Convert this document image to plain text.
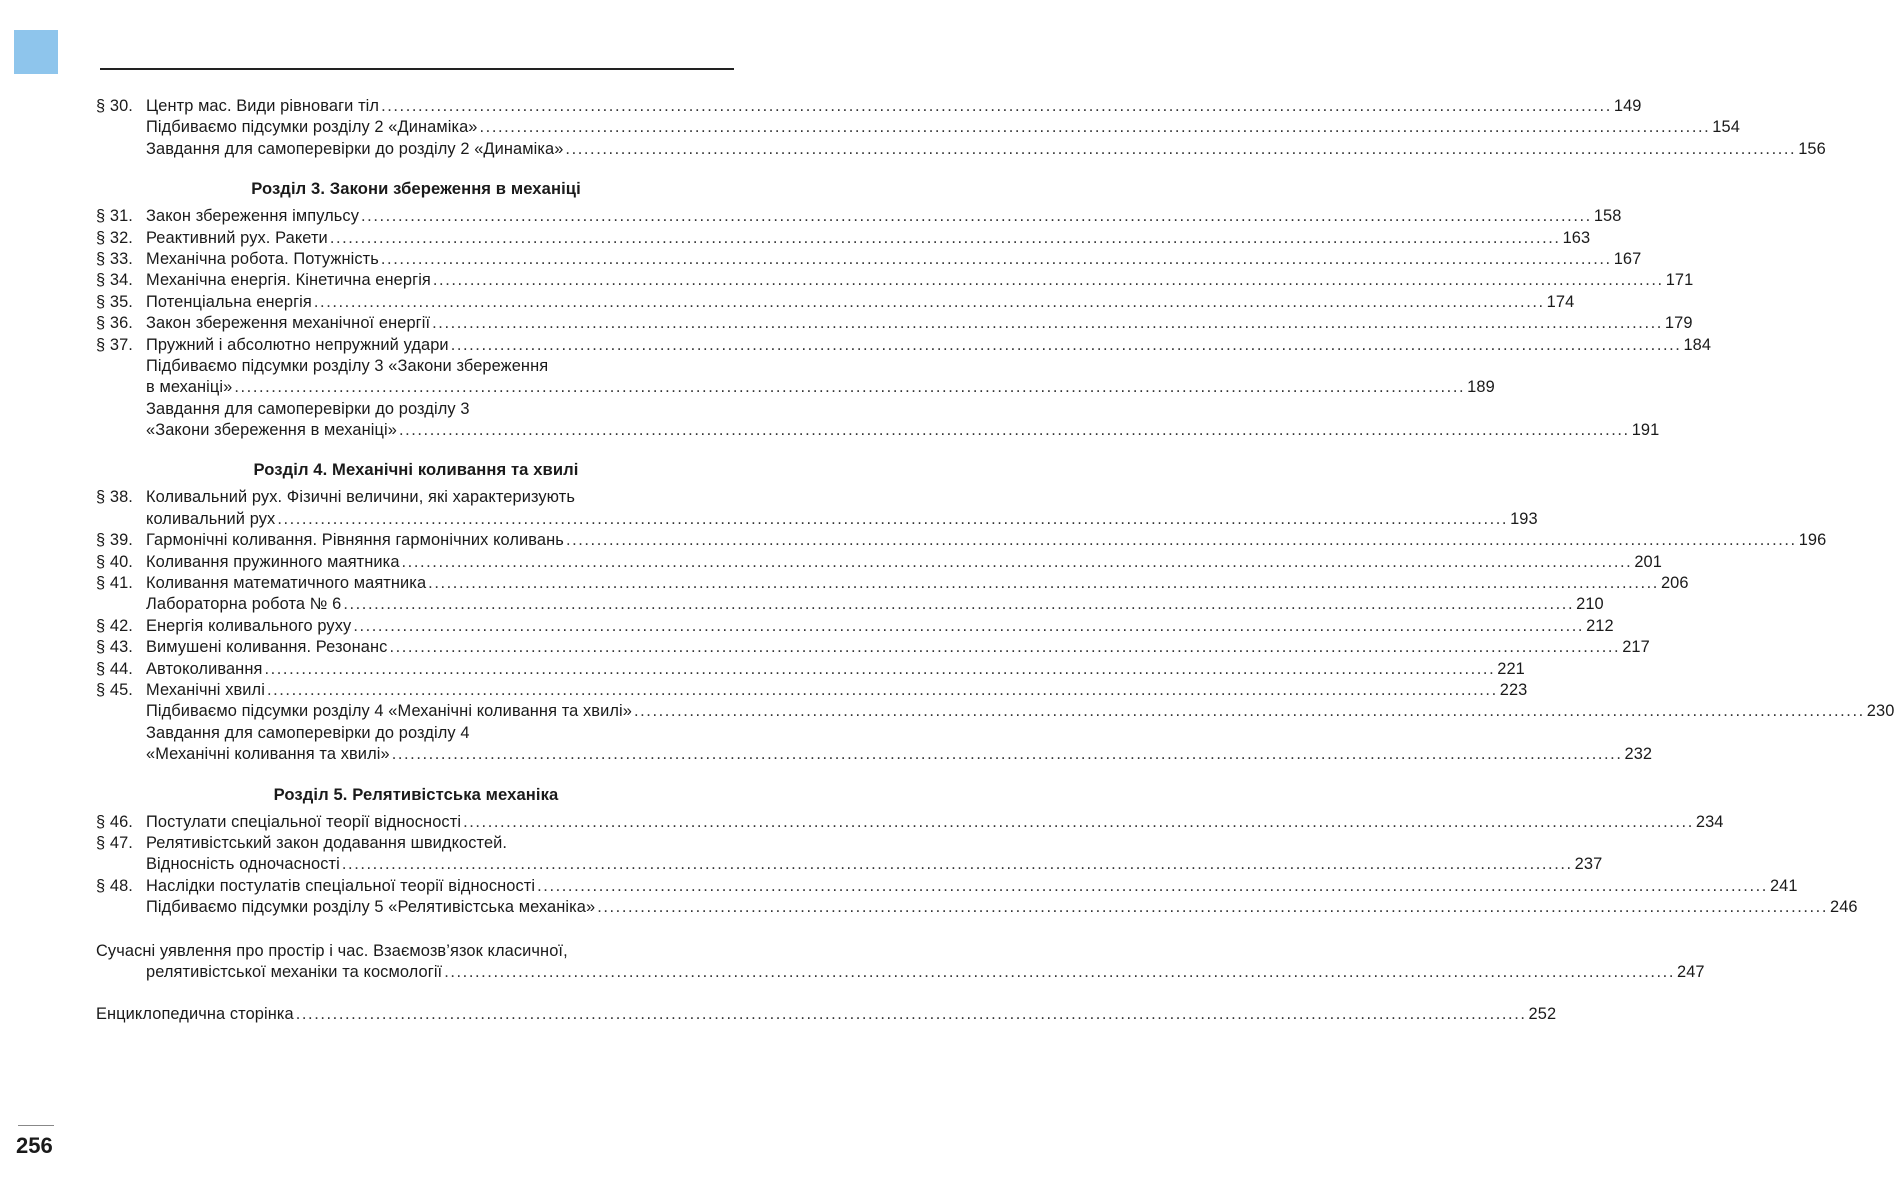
§ 30. Центр мас. Види рівноваги тіл ........................................................................................................................................................................................................ 149
Підбиваємо підсумки розділу 2 «Динаміка» ........................................................................................................................................................................................................ 154
Завдання для самоперевірки до розділу 2 «Динаміка» ........................................................................................................................................................................................................ 156
Розділ 3. Закони збереження в механіці
§ 31. Закон збереження імпульсу ........................................................................................................................................................................................................ 158
§ 32. Реактивний рух. Ракети ........................................................................................................................................................................................................ 163
§ 33. Механічна робота. Потужність ........................................................................................................................................................................................................ 167
§ 34. Механічна енергія. Кінетична енергія ........................................................................................................................................................................................................ 171
§ 35. Потенціальна енергія ........................................................................................................................................................................................................ 174
§ 36. Закон збереження механічної енергії ........................................................................................................................................................................................................ 179
§ 37. Пружний і абсолютно непружний удари ........................................................................................................................................................................................................ 184
Підбиваємо підсумки розділу 3 «Закони збереження
в механіці» ........................................................................................................................................................................................................ 189
Завдання для самоперевірки до розділу 3
«Закони збереження в механіці» ........................................................................................................................................................................................................ 191
Розділ 4. Механічні коливання та хвилі
§ 38. Коливальний рух. Фізичні величини, які характеризують
коливальний рух ........................................................................................................................................................................................................ 193
§ 39. Гармонічні коливання. Рівняння гармонічних коливань ........................................................................................................................................................................................................ 196
§ 40. Коливання пружинного маятника ........................................................................................................................................................................................................ 201
§ 41. Коливання математичного маятника ........................................................................................................................................................................................................ 206
Лабораторна робота № 6 ........................................................................................................................................................................................................ 210
§ 42. Енергія коливального руху ........................................................................................................................................................................................................ 212
§ 43. Вимушені коливання. Резонанс ........................................................................................................................................................................................................ 217
§ 44. Автоколивання ........................................................................................................................................................................................................ 221
§ 45. Механічні хвилі ........................................................................................................................................................................................................ 223
Підбиваємо підсумки розділу 4 «Механічні коливання та хвилі» ........................................................................................................................................................................................................ 230
Завдання для самоперевірки до розділу 4
«Механічні коливання та хвилі» ........................................................................................................................................................................................................ 232
Розділ 5. Релятивістська механіка
§ 46. Постулати спеціальної теорії відносності ........................................................................................................................................................................................................ 234
§ 47. Релятивістський закон додавання швидкостей.
Відносність одночасності ........................................................................................................................................................................................................ 237
§ 48. Наслідки постулатів спеціальної теорії відносності ........................................................................................................................................................................................................ 241
Підбиваємо підсумки розділу 5 «Релятивістська механіка» ........................................................................................................................................................................................................ 246
Сучасні уявлення про простір і час. Взаємозв’язок класичної,
релятивістської механіки та космології ........................................................................................................................................................................................................ 247
Енциклопедична сторінка ........................................................................................................................................................................................................ 252
256
